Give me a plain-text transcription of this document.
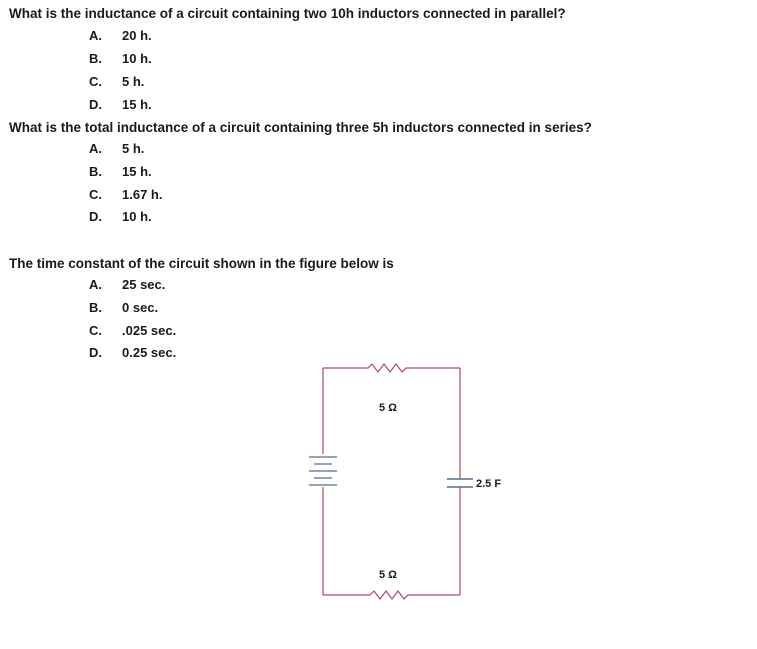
What is the inductance of a circuit containing two 10h inductors connected in parallel?
A. 20 h.
B. 10 h.
C. 5 h.
D. 15 h.
What is the total inductance of a circuit containing three 5h inductors connected in series?
A. 5 h.
B. 15 h.
C. 1.67 h.
D. 10 h.
The time constant of the circuit shown in the figure below is
A. 25 sec.
B. 0 sec.
C. .025 sec.
D. 0.25 sec.
5 Ω
5 Ω
2.5 F
